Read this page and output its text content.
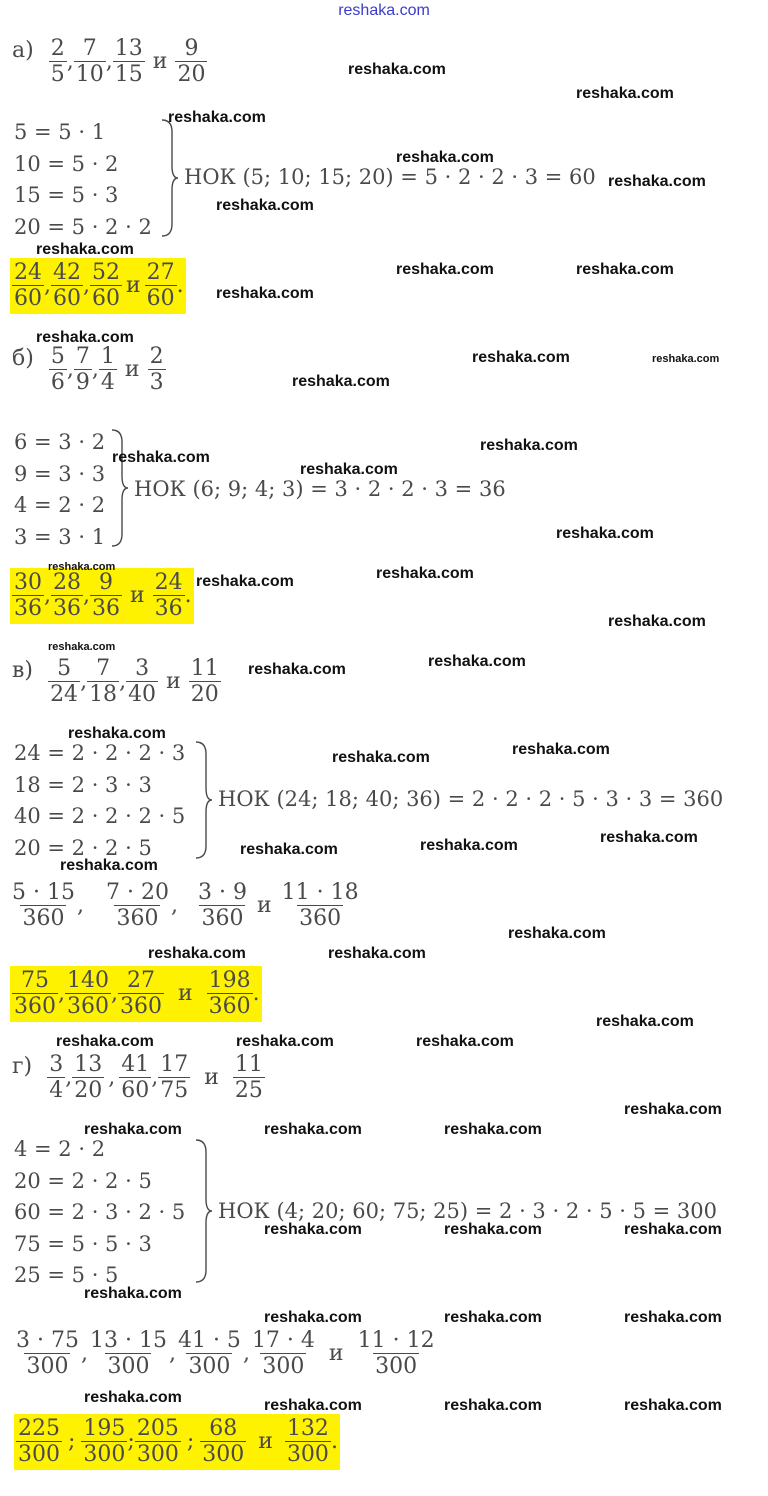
reshaka.com
$а) \frac{2}{5}$ , $\frac{7}{10}$ , $\frac{13}{15}$ и $\frac{9}{20}$
5 = 5 · 1
10 = 5 · 2
15 = 5 · 3
20 = 5 · 2 · 2
НОК (5; 10; 15; 20) = 5 · 2 · 2 · 3 = 60
$\frac{24}{60}$ , $\frac{42}{60}$ , $\frac{52}{60}$ и $\frac{27}{60}$ .
$б) \frac{5}{6}$ , $\frac{7}{9}$ , $\frac{1}{4}$ и $\frac{2}{3}$
6 = 3 · 2
9 = 3 · 3
4 = 2 · 2
3 = 3 · 1
НОК (6; 9; 4; 3) = 3 · 2 · 2 · 3 = 36
$\frac{30}{36}$ , $\frac{28}{36}$ , $\frac{9}{36}$ и $\frac{24}{36}$ .
$в) \frac{5}{24}$ , $\frac{7}{18}$ , $\frac{3}{40}$ и $\frac{11}{20}$
24 = 2 · 2 · 2 · 3
18 = 2 · 3 · 3
40 = 2 · 2 · 2 · 5
20 = 2 · 2 · 5
НОК (24; 18; 40; 36) = 2 · 2 · 2 · 5 · 3 · 3 = 360
$\frac{5 \cdot 15}{360}$ , $\frac{7 \cdot 20}{360}$ , $\frac{3 \cdot 9}{360}$ и $\frac{11 \cdot 18}{360}$
$\frac{75}{360}$ , $\frac{140}{360}$ , $\frac{27}{360}$ и $\frac{198}{360}$ .
$г) \frac{3}{4}$ , $\frac{13}{20}$ , $\frac{41}{60}$ , $\frac{17}{75}$ и $\frac{11}{25}$
4 = 2 · 2
20 = 2 · 2 · 5
60 = 2 · 3 · 2 · 5
75 = 5 · 5 · 3
25 = 5 · 5
НОК (4; 20; 60; 75; 25) = 2 · 3 · 2 · 5 · 5 = 300
$\frac{3 \cdot 75}{300}$ , $\frac{13 \cdot 15}{300}$ , $\frac{41 \cdot 5}{300}$ , $\frac{17 \cdot 4}{300}$ и $\frac{11 \cdot 12}{300}$
$\frac{225}{300}$ ; $\frac{195}{300}$ ; $\frac{205}{300}$ ; $\frac{68}{300}$ и $\frac{132}{300}$ .
reshaka.com
reshaka.com
reshaka.com
reshaka.com
reshaka.com
reshaka.com
reshaka.com
reshaka.com	reshaka.com
reshaka.com
reshaka.com
reshaka.com	reshaka.com
reshaka.com
reshaka.com
reshaka.com
reshaka.com
reshaka.com
reshaka.com	reshaka.com
reshaka.com
reshaka.com
reshaka.com
reshaka.com
reshaka.com
reshaka.com
reshaka.com
reshaka.com
reshaka.com
reshaka.com
reshaka.com
reshaka.com
reshaka.com
reshaka.com	reshaka.com
reshaka.com
reshaka.com	reshaka.com	reshaka.com
reshaka.com
reshaka.com	reshaka.com	reshaka.com
reshaka.com	reshaka.com	reshaka.com
reshaka.com
reshaka.com	reshaka.com	reshaka.com
reshaka.com	reshaka.com	reshaka.com	reshaka.com
